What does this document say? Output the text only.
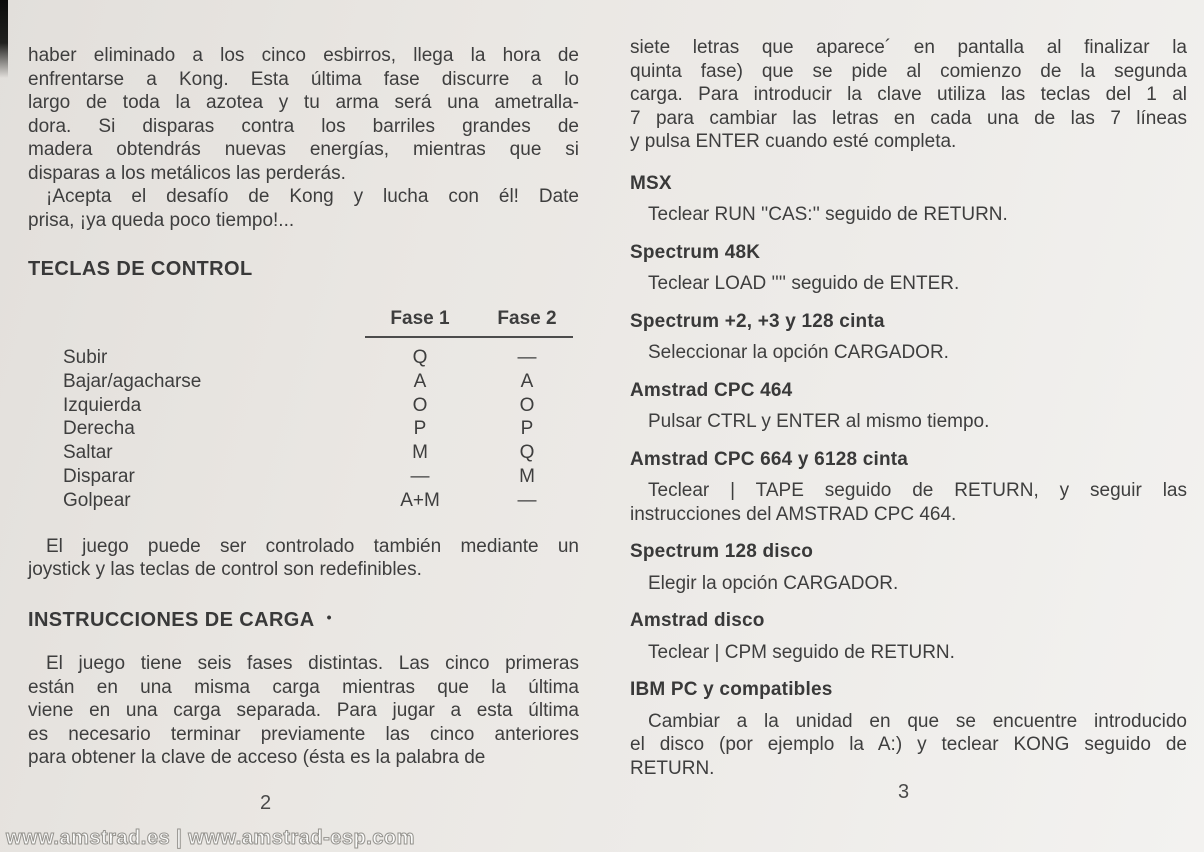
haber eliminado a los cinco esbirros, llega la hora de
enfrentarse a Kong. Esta última fase discurre a lo
largo de toda la azotea y tu arma será una ametralla-
dora. Si disparas contra los barriles grandes de
madera obtendrás nuevas energías, mientras que si
disparas a los metálicos las perderás.
¡Acepta el desafío de Kong y lucha con él! Date
prisa, ¡ya queda poco tiempo!...
TECLAS DE CONTROL
Fase 1	Fase 2
Subir	Q	—
Bajar/agacharse	A	A
Izquierda	O	O
Derecha	P	P
Saltar	M	Q
Disparar	—	M
Golpear	A+M	—
El juego puede ser controlado también mediante un
joystick y las teclas de control son redefinibles.
INSTRUCCIONES DE CARGA •
El juego tiene seis fases distintas. Las cinco primeras
están en una misma carga mientras que la última
viene en una carga separada. Para jugar a esta última
es necesario terminar previamente las cinco anteriores
para obtener la clave de acceso (ésta es la palabra de
siete letras que aparece´ en pantalla al finalizar la
quinta fase) que se pide al comienzo de la segunda
carga. Para introducir la clave utiliza las teclas del 1 al
7 para cambiar las letras en cada una de las 7 líneas
y pulsa ENTER cuando esté completa.
MSX
Teclear RUN ''CAS:'' seguido de RETURN.
Spectrum 48K
Teclear LOAD '''' seguido de ENTER.
Spectrum +2, +3 y 128 cinta
Seleccionar la opción CARGADOR.
Amstrad CPC 464
Pulsar CTRL y ENTER al mismo tiempo.
Amstrad CPC 664 y 6128 cinta
Teclear | TAPE seguido de RETURN, y seguir las
instrucciones del AMSTRAD CPC 464.
Spectrum 128 disco
Elegir la opción CARGADOR.
Amstrad disco
Teclear | CPM seguido de RETURN.
IBM PC y compatibles
Cambiar a la unidad en que se encuentre introducido
el disco (por ejemplo la A:) y teclear KONG seguido de
RETURN.
2	3
www.amstrad.es | www.amstrad-esp.com
